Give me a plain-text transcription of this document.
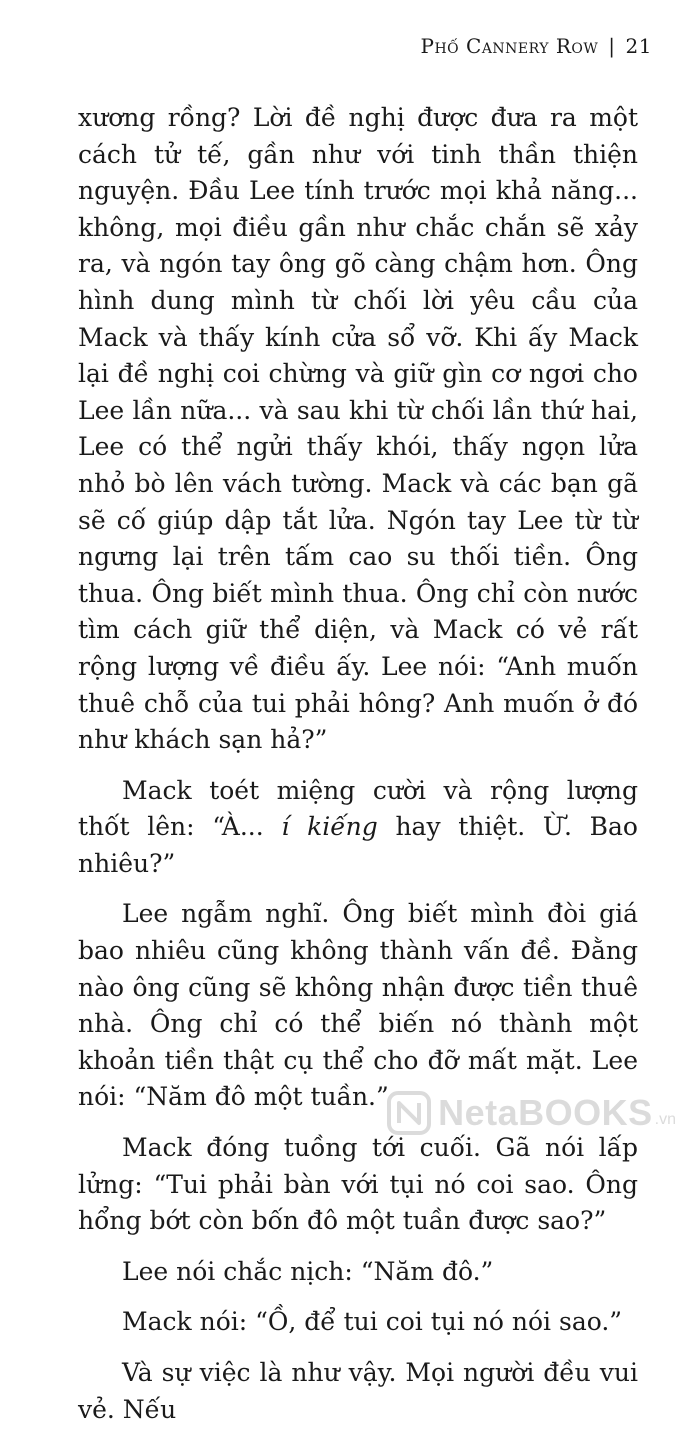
Phố Cannery Row | 21

xương rồng? Lời đề nghị được đưa ra một cách tử tế, gần như với tinh thần thiện nguyện. Đầu Lee tính trước mọi khả năng... không, mọi điều gần như chắc chắn sẽ xảy ra, và ngón tay ông gõ càng chậm hơn. Ông hình dung mình từ chối lời yêu cầu của Mack và thấy kính cửa sổ vỡ. Khi ấy Mack lại đề nghị coi chừng và giữ gìn cơ ngơi cho Lee lần nữa... và sau khi từ chối lần thứ hai, Lee có thể ngửi thấy khói, thấy ngọn lửa nhỏ bò lên vách tường. Mack và các bạn gã sẽ cố giúp dập tắt lửa. Ngón tay Lee từ từ ngưng lại trên tấm cao su thối tiền. Ông thua. Ông biết mình thua. Ông chỉ còn nước tìm cách giữ thể diện, và Mack có vẻ rất rộng lượng về điều ấy. Lee nói: “Anh muốn thuê chỗ của tui phải hông? Anh muốn ở đó như khách sạn hả?”

Mack toét miệng cười và rộng lượng thốt lên: “À... í kiếng hay thiệt. Ừ. Bao nhiêu?”

Lee ngẫm nghĩ. Ông biết mình đòi giá bao nhiêu cũng không thành vấn đề. Đằng nào ông cũng sẽ không nhận được tiền thuê nhà. Ông chỉ có thể biến nó thành một khoản tiền thật cụ thể cho đỡ mất mặt. Lee nói: “Năm đô một tuần.”

Mack đóng tuồng tới cuối. Gã nói lấp lửng: “Tui phải bàn với tụi nó coi sao. Ông hổng bớt còn bốn đô một tuần được sao?”

Lee nói chắc nịch: “Năm đô.”

Mack nói: “Ồ, để tui coi tụi nó nói sao.”

Và sự việc là như vậy. Mọi người đều vui vẻ. Nếu

NetaBOOKS .vn
